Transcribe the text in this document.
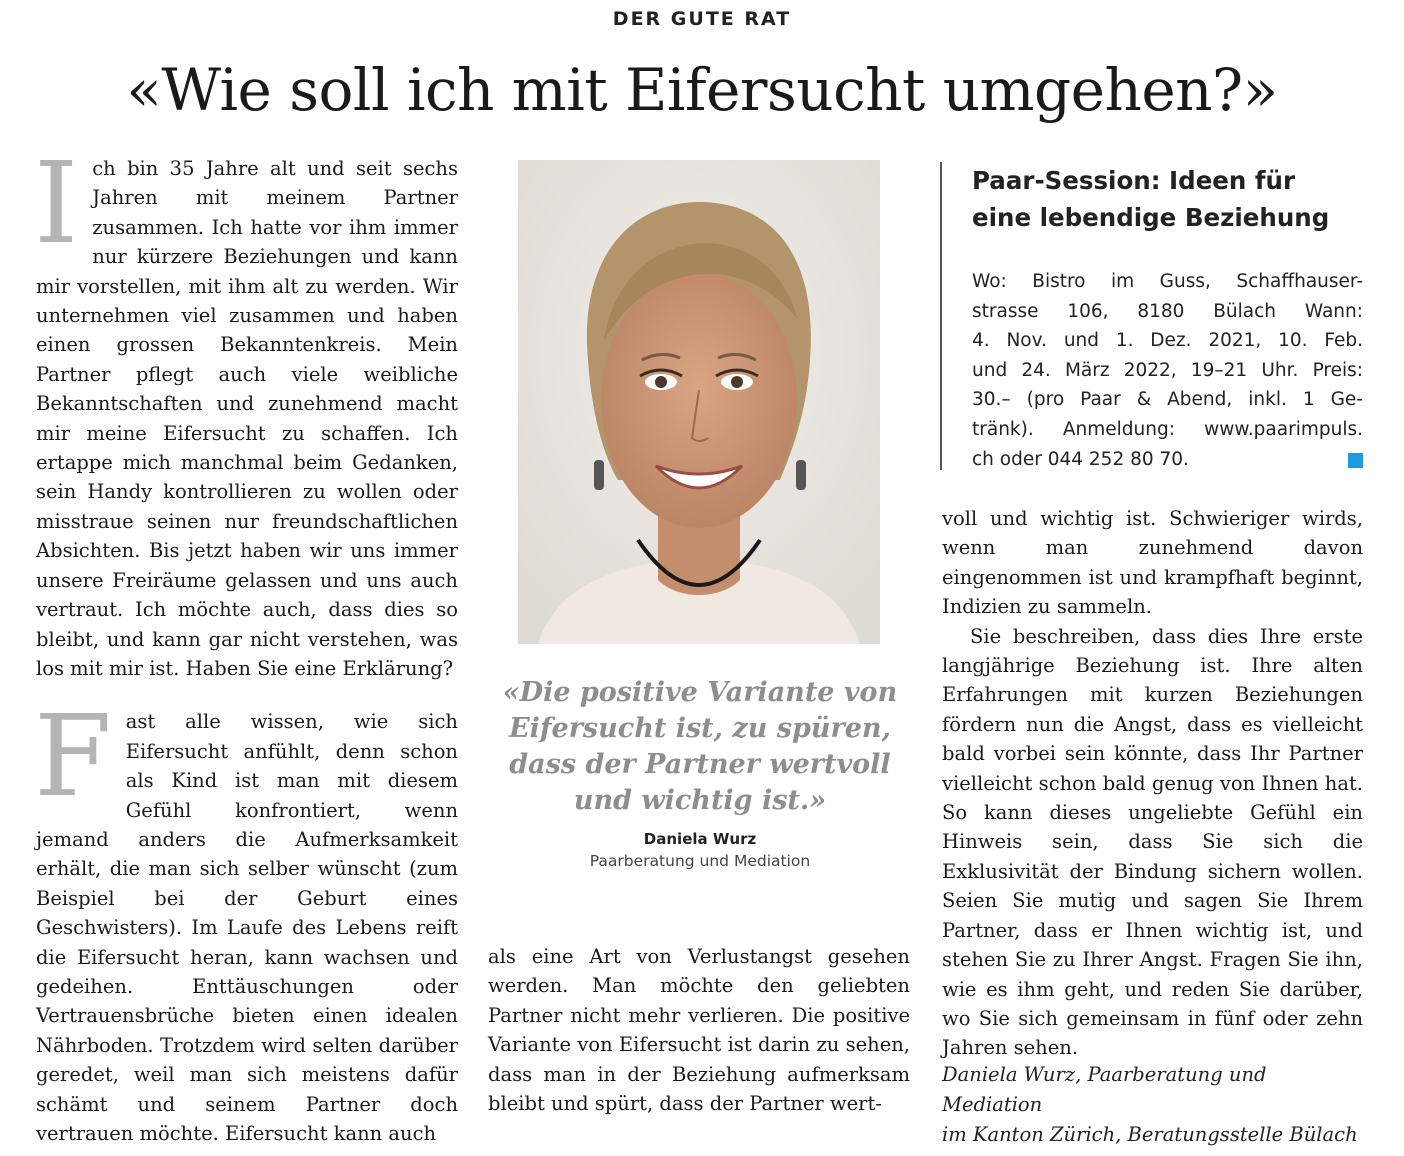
DER GUTE RAT
«Wie soll ich mit Eifersucht umgehen?»

Ich bin 35 Jahre alt und seit sechs Jahren mit meinem Partner zusammen. Ich hatte vor ihm immer nur kürzere Beziehungen und kann mir vorstellen, mit ihm alt zu werden. Wir unternehmen viel zusammen und haben einen grossen Bekanntenkreis. Mein Partner pflegt auch viele weibliche Bekanntschaften und zunehmend macht mir meine Eifersucht zu schaffen. Ich ertappe mich manchmal beim Gedanken, sein Handy kontrollieren zu wollen oder misstraue seinen nur freundschaftlichen Absichten. Bis jetzt haben wir uns immer unsere Freiräume gelassen und uns auch vertraut. Ich möchte auch, dass dies so bleibt, und kann gar nicht verstehen, was los mit mir ist. Haben Sie eine Erklärung?

Fast alle wissen, wie sich Eifersucht anfühlt, denn schon als Kind ist man mit diesem Gefühl konfrontiert, wenn jemand anders die Aufmerksamkeit erhält, die man sich selber wünscht (zum Beispiel bei der Geburt eines Geschwisters). Im Laufe des Lebens reift die Eifersucht heran, kann wachsen und gedeihen. Enttäuschungen oder Vertrauensbrüche bieten einen idealen Nährboden. Trotzdem wird selten darüber geredet, weil man sich meistens dafür schämt und seinem Partner doch vertrauen möchte. Eifersucht kann auch

«Die positive Variante von Eifersucht ist, zu spüren, dass der Partner wertvoll und wichtig ist.»
Daniela Wurz
Paarberatung und Mediation

als eine Art von Verlustangst gesehen werden. Man möchte den geliebten Partner nicht mehr verlieren. Die positive Variante von Eifersucht ist darin zu sehen, dass man in der Beziehung aufmerksam bleibt und spürt, dass der Partner wert-

Paar-Session: Ideen für
eine lebendige Beziehung
Wo: Bistro im Guss, Schaffhauser-
strasse 106, 8180 Bülach Wann:
4. Nov. und 1. Dez. 2021, 10. Feb.
und 24. März 2022, 19–21 Uhr. Preis:
30.– (pro Paar & Abend, inkl. 1 Ge-
tränk). Anmeldung: www.paarimpuls.
ch oder 044 252 80 70.

voll und wichtig ist. Schwieriger wirds, wenn man zunehmend davon eingenommen ist und krampfhaft beginnt, Indizien zu sammeln.

Sie beschreiben, dass dies Ihre erste langjährige Beziehung ist. Ihre alten Erfahrungen mit kurzen Beziehungen fördern nun die Angst, dass es vielleicht bald vorbei sein könnte, dass Ihr Partner vielleicht schon bald genug von Ihnen hat. So kann dieses ungeliebte Gefühl ein Hinweis sein, dass Sie sich die Exklusivität der Bindung sichern wollen. Seien Sie mutig und sagen Sie Ihrem Partner, dass er Ihnen wichtig ist, und stehen Sie zu Ihrer Angst. Fragen Sie ihn, wie es ihm geht, und reden Sie darüber, wo Sie sich gemeinsam in fünf oder zehn Jahren sehen.

Daniela Wurz, Paarberatung und Mediation
im Kanton Zürich, Beratungsstelle Bülach
